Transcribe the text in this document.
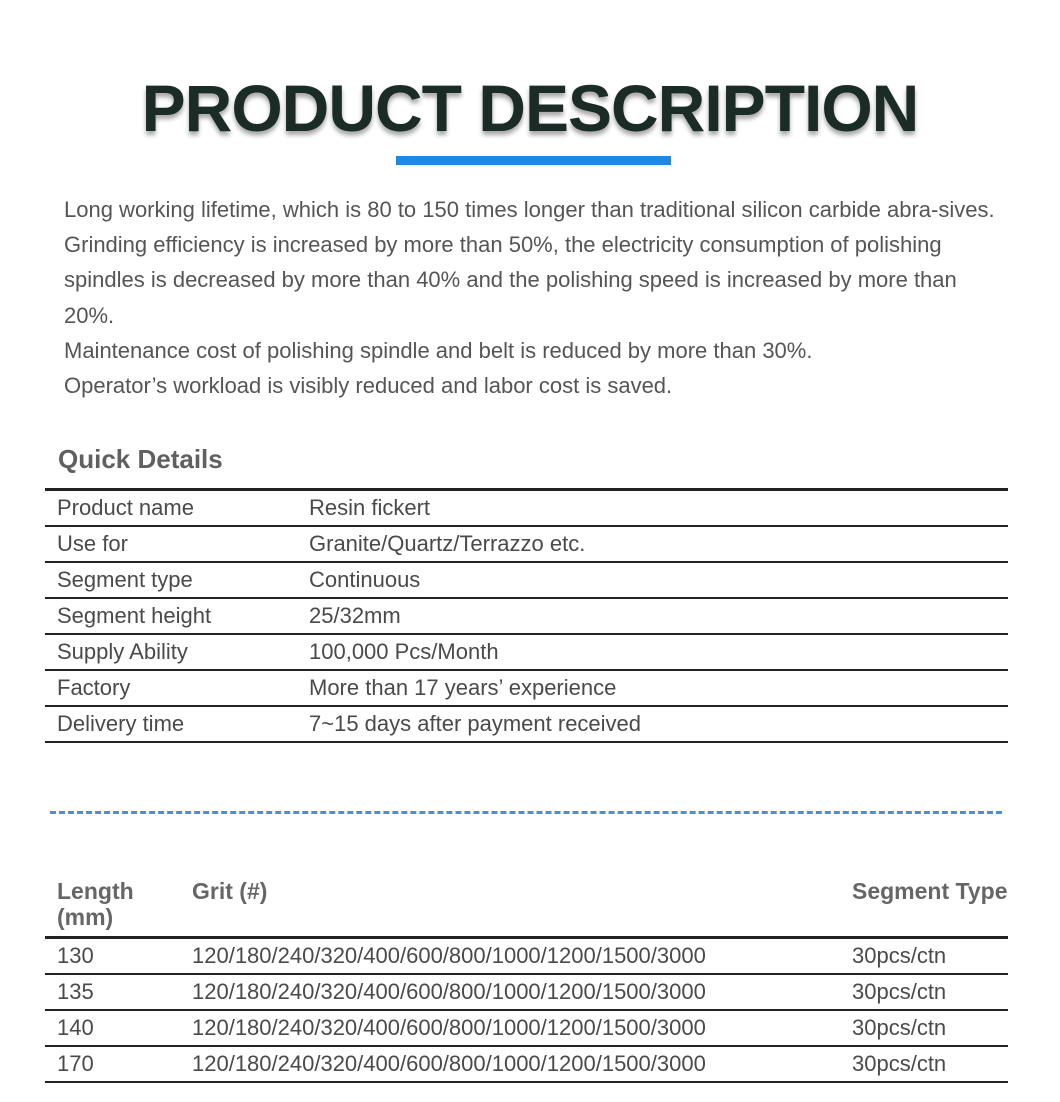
PRODUCT DESCRIPTION

Long working lifetime, which is 80 to 150 times longer than traditional silicon carbide abra-sives.

Grinding efficiency is increased by more than 50%, the electricity consumption of polishing spindles is decreased by more than 40% and the polishing speed is increased by more than 20%.

Maintenance cost of polishing spindle and belt is reduced by more than 30%.

Operator’s workload is visibly reduced and labor cost is saved.

Quick Details
Product name	Resin fickert
Use for	Granite/Quartz/Terrazzo etc.
Segment type	Continuous
Segment height	25/32mm
Supply Ability	100,000 Pcs/Month
Factory	More than 17 years’ experience
Delivery time	7~15 days after payment received
Length (mm)	Grit (#)	Segment Type
130	120/180/240/320/400/600/800/1000/1200/1500/3000	30pcs/ctn
135	120/180/240/320/400/600/800/1000/1200/1500/3000	30pcs/ctn
140	120/180/240/320/400/600/800/1000/1200/1500/3000	30pcs/ctn
170	120/180/240/320/400/600/800/1000/1200/1500/3000	30pcs/ctn
